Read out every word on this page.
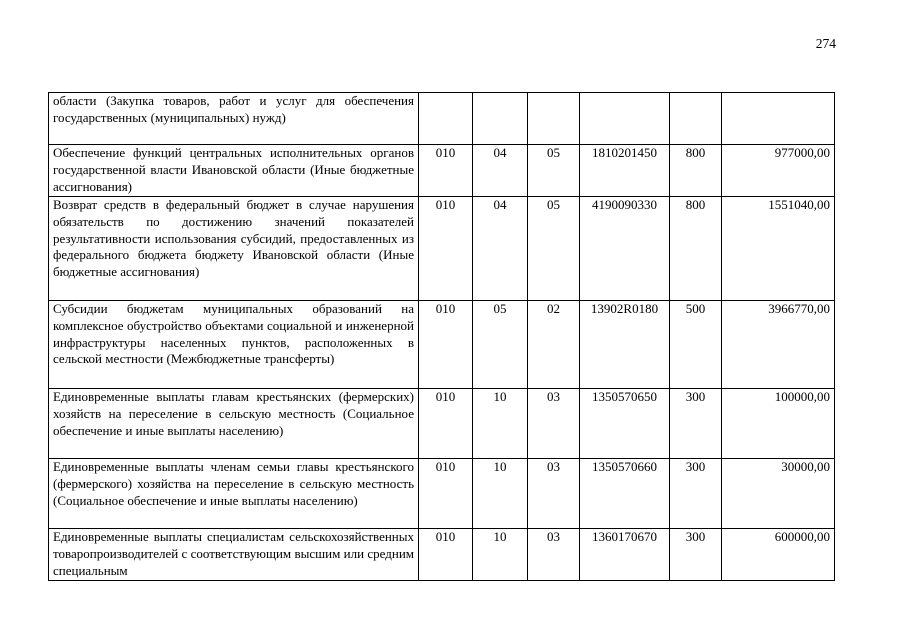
274
области (Закупка товаров, работ и услуг для обеспечения государственных (муниципальных) нужд)						
Обеспечение функций центральных исполнительных органов государственной власти Ивановской области (Иные бюджетные ассигнования)	010	04	05	1810201450	800	977000,00
Возврат средств в федеральный бюджет в случае нарушения обязательств по достижению значений показателей результативности использования субсидий, предоставленных из федерального бюджета бюджету Ивановской области (Иные бюджетные ассигнования)	010	04	05	4190090330	800	1551040,00
Субсидии бюджетам муниципальных образований на комплексное обустройство объектами социальной и инженерной инфраструктуры населенных пунктов, расположенных в сельской местности (Межбюджетные трансферты)	010	05	02	13902R0180	500	3966770,00
Единовременные выплаты главам крестьянских (фермерских) хозяйств на переселение в сельскую местность (Социальное обеспечение и иные выплаты населению)	010	10	03	1350570650	300	100000,00
Единовременные выплаты членам семьи главы крестьянского (фермерского) хозяйства на переселение в сельскую местность (Социальное обеспечение и иные выплаты населению)	010	10	03	1350570660	300	30000,00
Единовременные выплаты специалистам сельскохозяйственных товаропроизводителей с соответствующим высшим или средним специальным	010	10	03	1360170670	300	600000,00
